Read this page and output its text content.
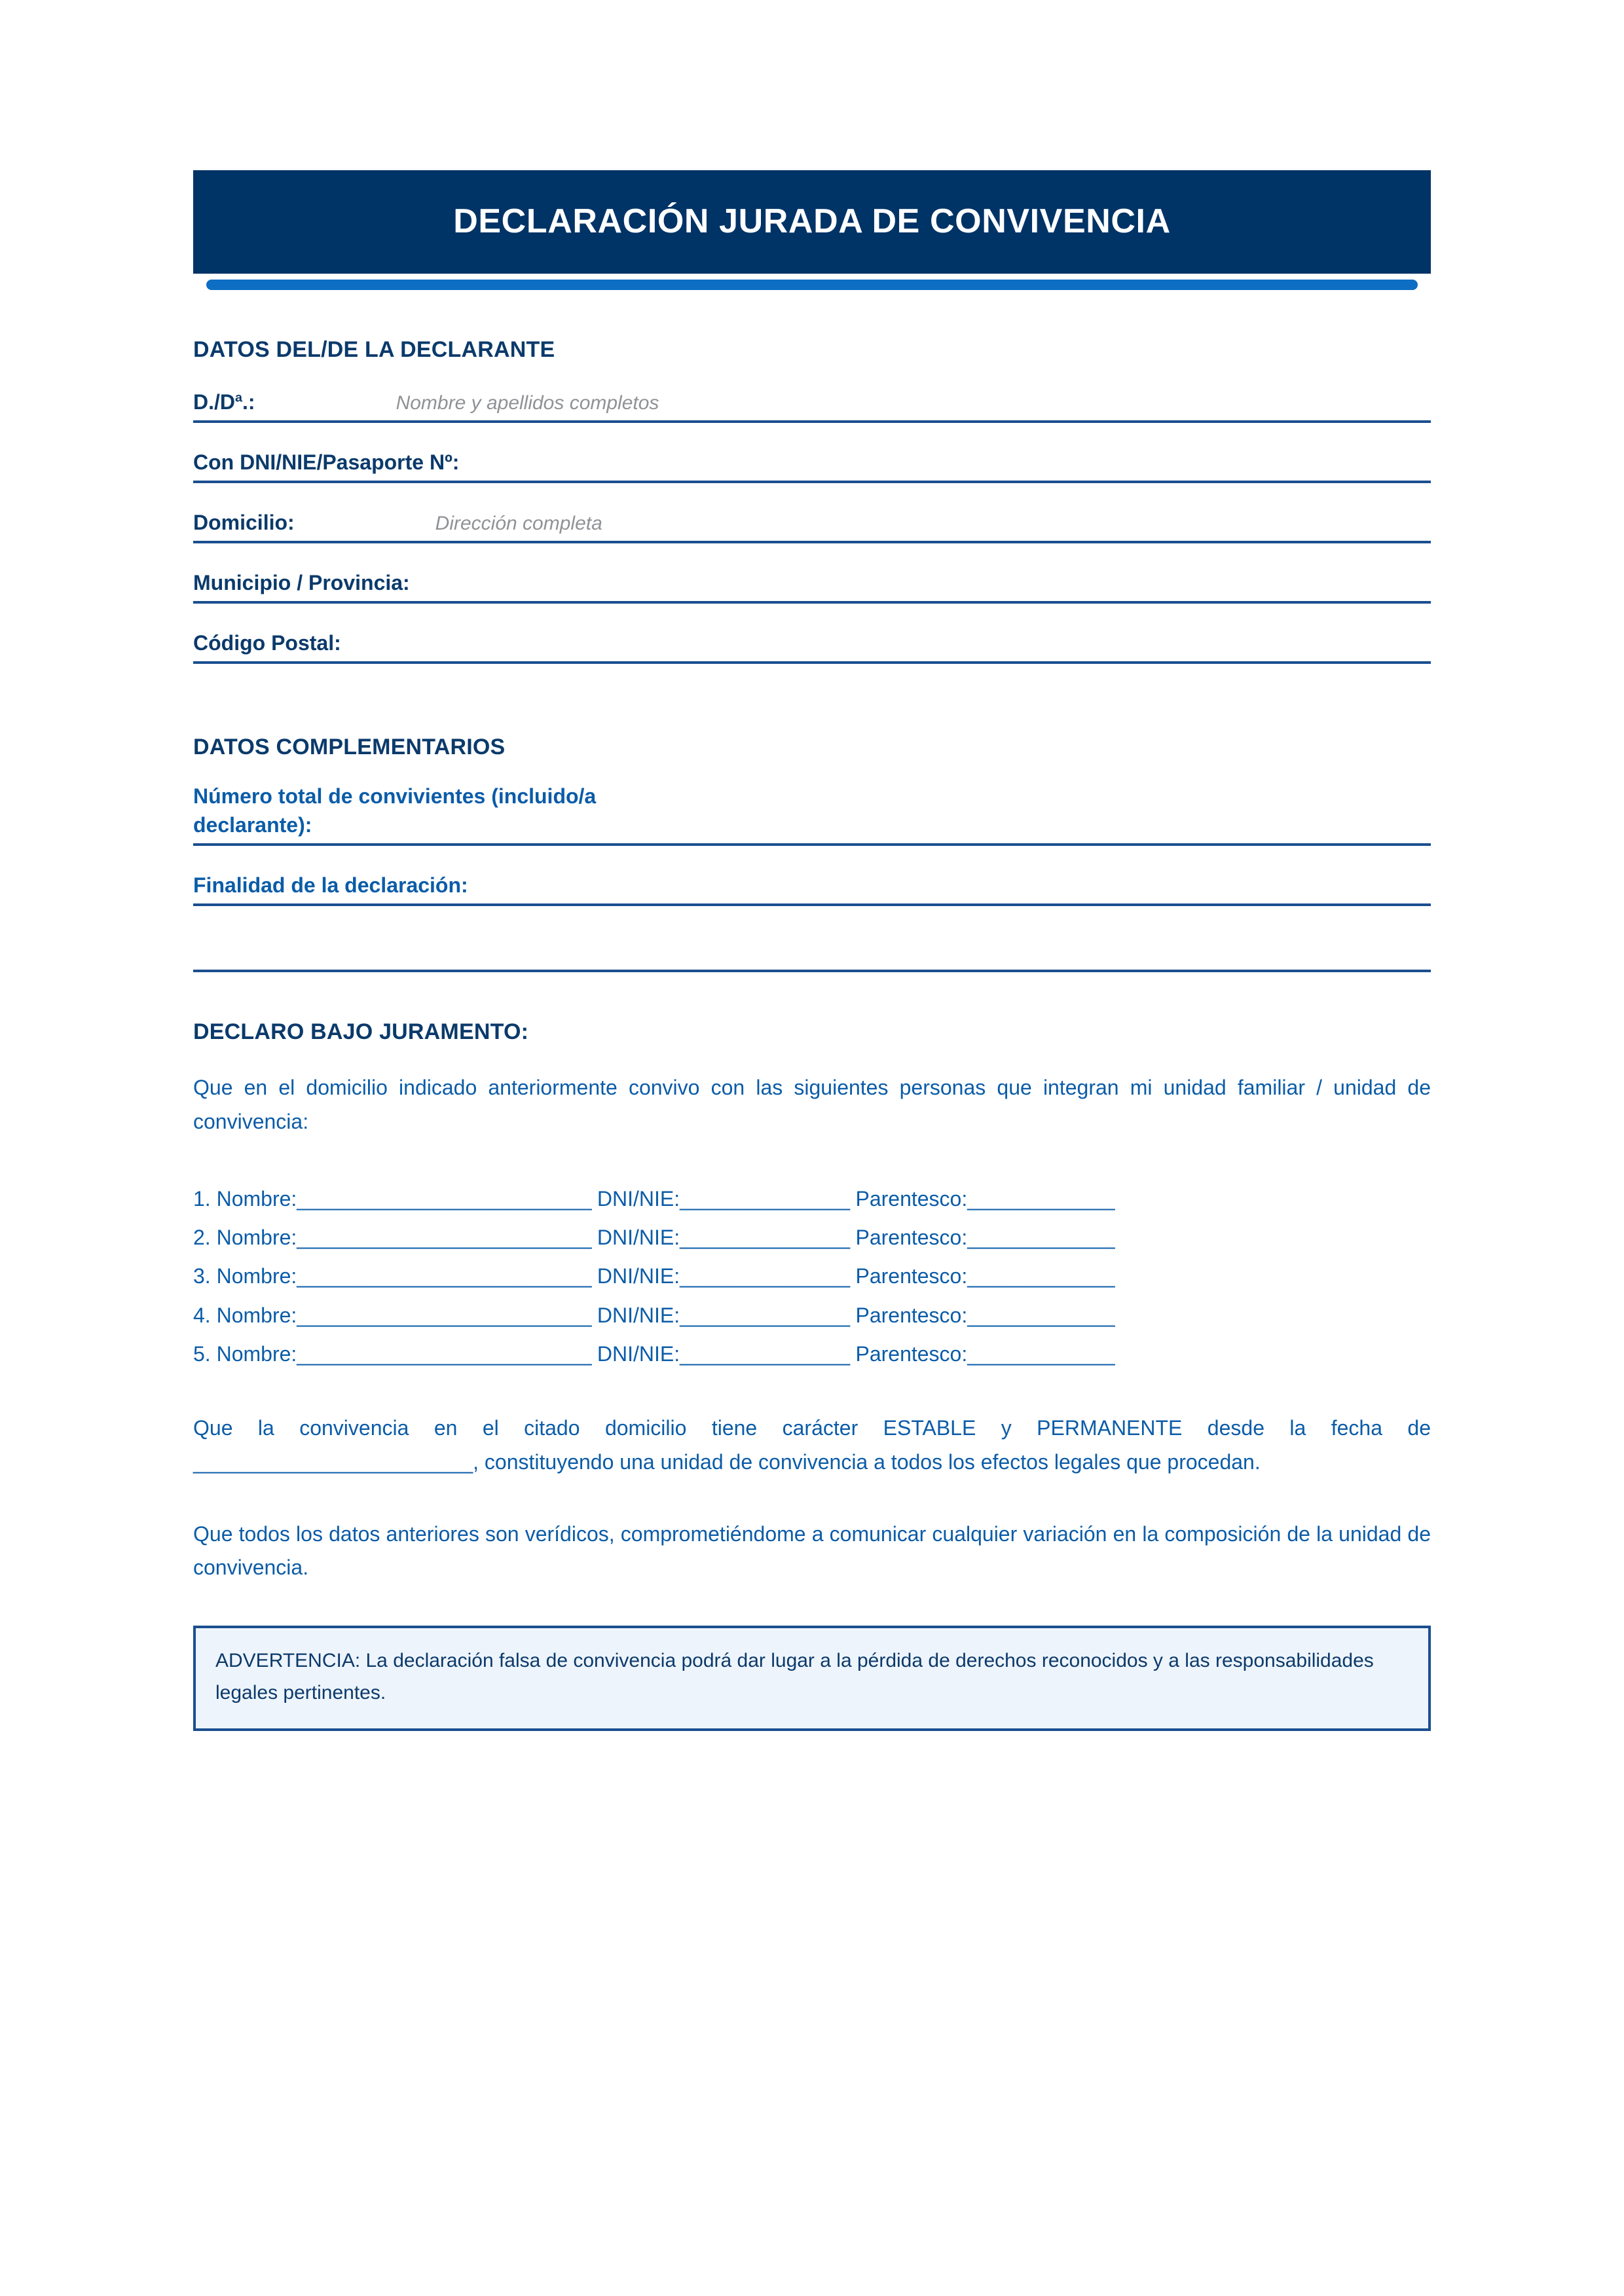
DECLARACIÓN JURADA DE CONVIVENCIA
DATOS DEL/DE LA DECLARANTE
$D./D^a$.:	Nombre y apellidos completos
Con DNI/NIE/Pasaporte Nº:
Domicilio:	Dirección completa
Municipio / Provincia:
Código Postal:
DATOS COMPLEMENTARIOS
Número total de convivientes (incluido/a
declarante):
Finalidad de la declaración:
DECLARO BAJO JURAMENTO:

Que en el domicilio indicado anteriormente convivo con las siguientes personas que integran mi unidad familiar / unidad de convivencia:

1. Nombre:__________________________ DNI/NIE:_______________ Parentesco:_____________
2. Nombre:__________________________ DNI/NIE:_______________ Parentesco:_____________
3. Nombre:__________________________ DNI/NIE:_______________ Parentesco:_____________
4. Nombre:__________________________ DNI/NIE:_______________ Parentesco:_____________
5. Nombre:__________________________ DNI/NIE:_______________ Parentesco:_____________

Que la convivencia en el citado domicilio tiene carácter ESTABLE y PERMANENTE desde la fecha de ________________________, constituyendo una unidad de convivencia a todos los efectos legales que procedan.

Que todos los datos anteriores son verídicos, comprometiéndome a comunicar cualquier variación en la composición de la unidad de convivencia.

ADVERTENCIA: La declaración falsa de convivencia podrá dar lugar a la pérdida de derechos reconocidos y a las responsabilidades legales pertinentes.
